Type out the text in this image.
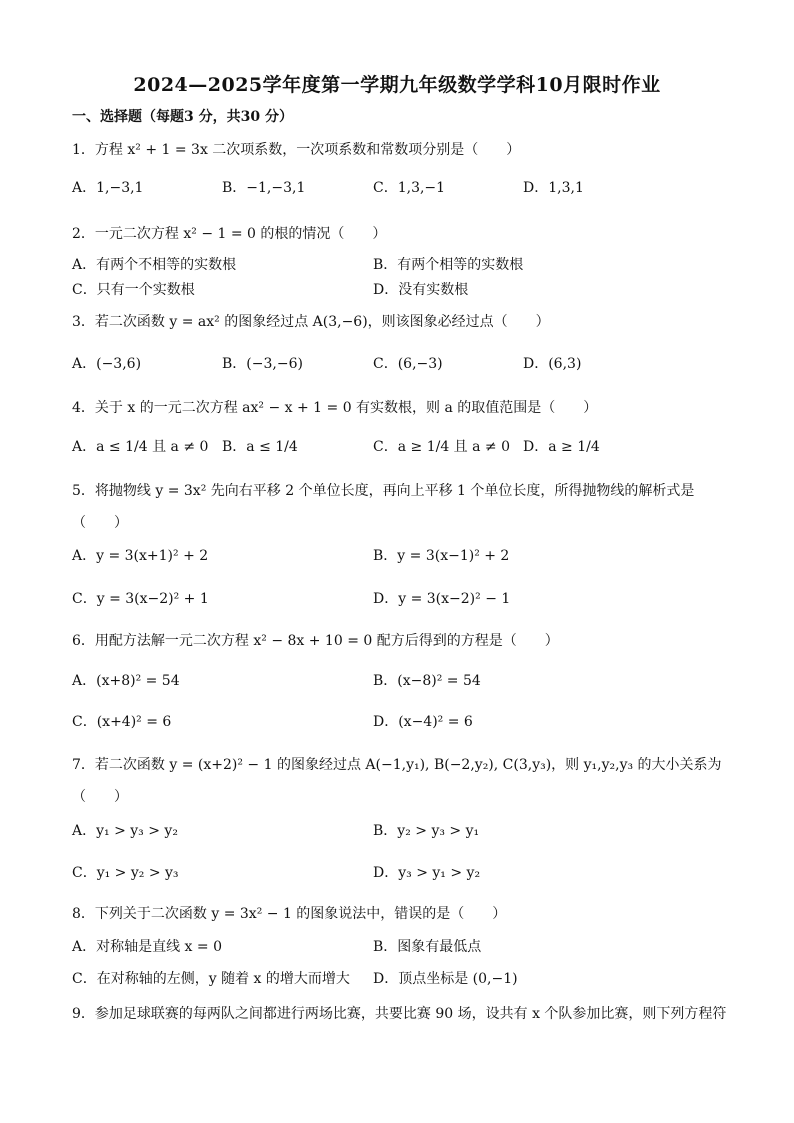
2024—2025学年度第一学期九年级数学学科10月限时作业
一、选择题（每题3 分，共30 分）
1．方程 x² + 1 = 3x 二次项系数，一次项系数和常数项分别是（　　）
A．1,−3,1	B．−1,−3,1	C．1,3,−1	D．1,3,1
2．一元二次方程 x² − 1 = 0 的根的情况（　　）
A．有两个不相等的实数根	B．有两个相等的实数根
C．只有一个实数根	D．没有实数根
3．若二次函数 y = ax² 的图象经过点 A(3,−6)，则该图象必经过点（　　）
A．(−3,6)	B．(−3,−6)	C．(6,−3)	D．(6,3)
4．关于 x 的一元二次方程 ax² − x + 1 = 0 有实数根，则 a 的取值范围是（　　）
A．a ≤ 1/4 且 a ≠ 0 B．a ≤ 1/4	C．a ≥ 1/4 且 a ≠ 0 D．a ≥ 1/4
5．将抛物线 y = 3x² 先向右平移 2 个单位长度，再向上平移 1 个单位长度，所得抛物线的解析式是
（　　）
A．y = 3(x+1)² + 2	B．y = 3(x−1)² + 2
C．y = 3(x−2)² + 1	D．y = 3(x−2)² − 1
6．用配方法解一元二次方程 x² − 8x + 10 = 0 配方后得到的方程是（　　）
A．(x+8)² = 54	B．(x−8)² = 54
C．(x+4)² = 6	D．(x−4)² = 6
7．若二次函数 y = (x+2)² − 1 的图象经过点 A(−1,y₁), B(−2,y₂), C(3,y₃)，则 y₁,y₂,y₃ 的大小关系为
（　　）
A．y₁ > y₃ > y₂	B．y₂ > y₃ > y₁
C．y₁ > y₂ > y₃	D．y₃ > y₁ > y₂
8．下列关于二次函数 y = 3x² − 1 的图象说法中，错误的是（　　）
A．对称轴是直线 x = 0	B．图象有最低点
C．在对称轴的左侧，y 随着 x 的增大而增大 D．顶点坐标是 (0,−1)
9．参加足球联赛的每两队之间都进行两场比赛，共要比赛 90 场，设共有 x 个队参加比赛，则下列方程符
